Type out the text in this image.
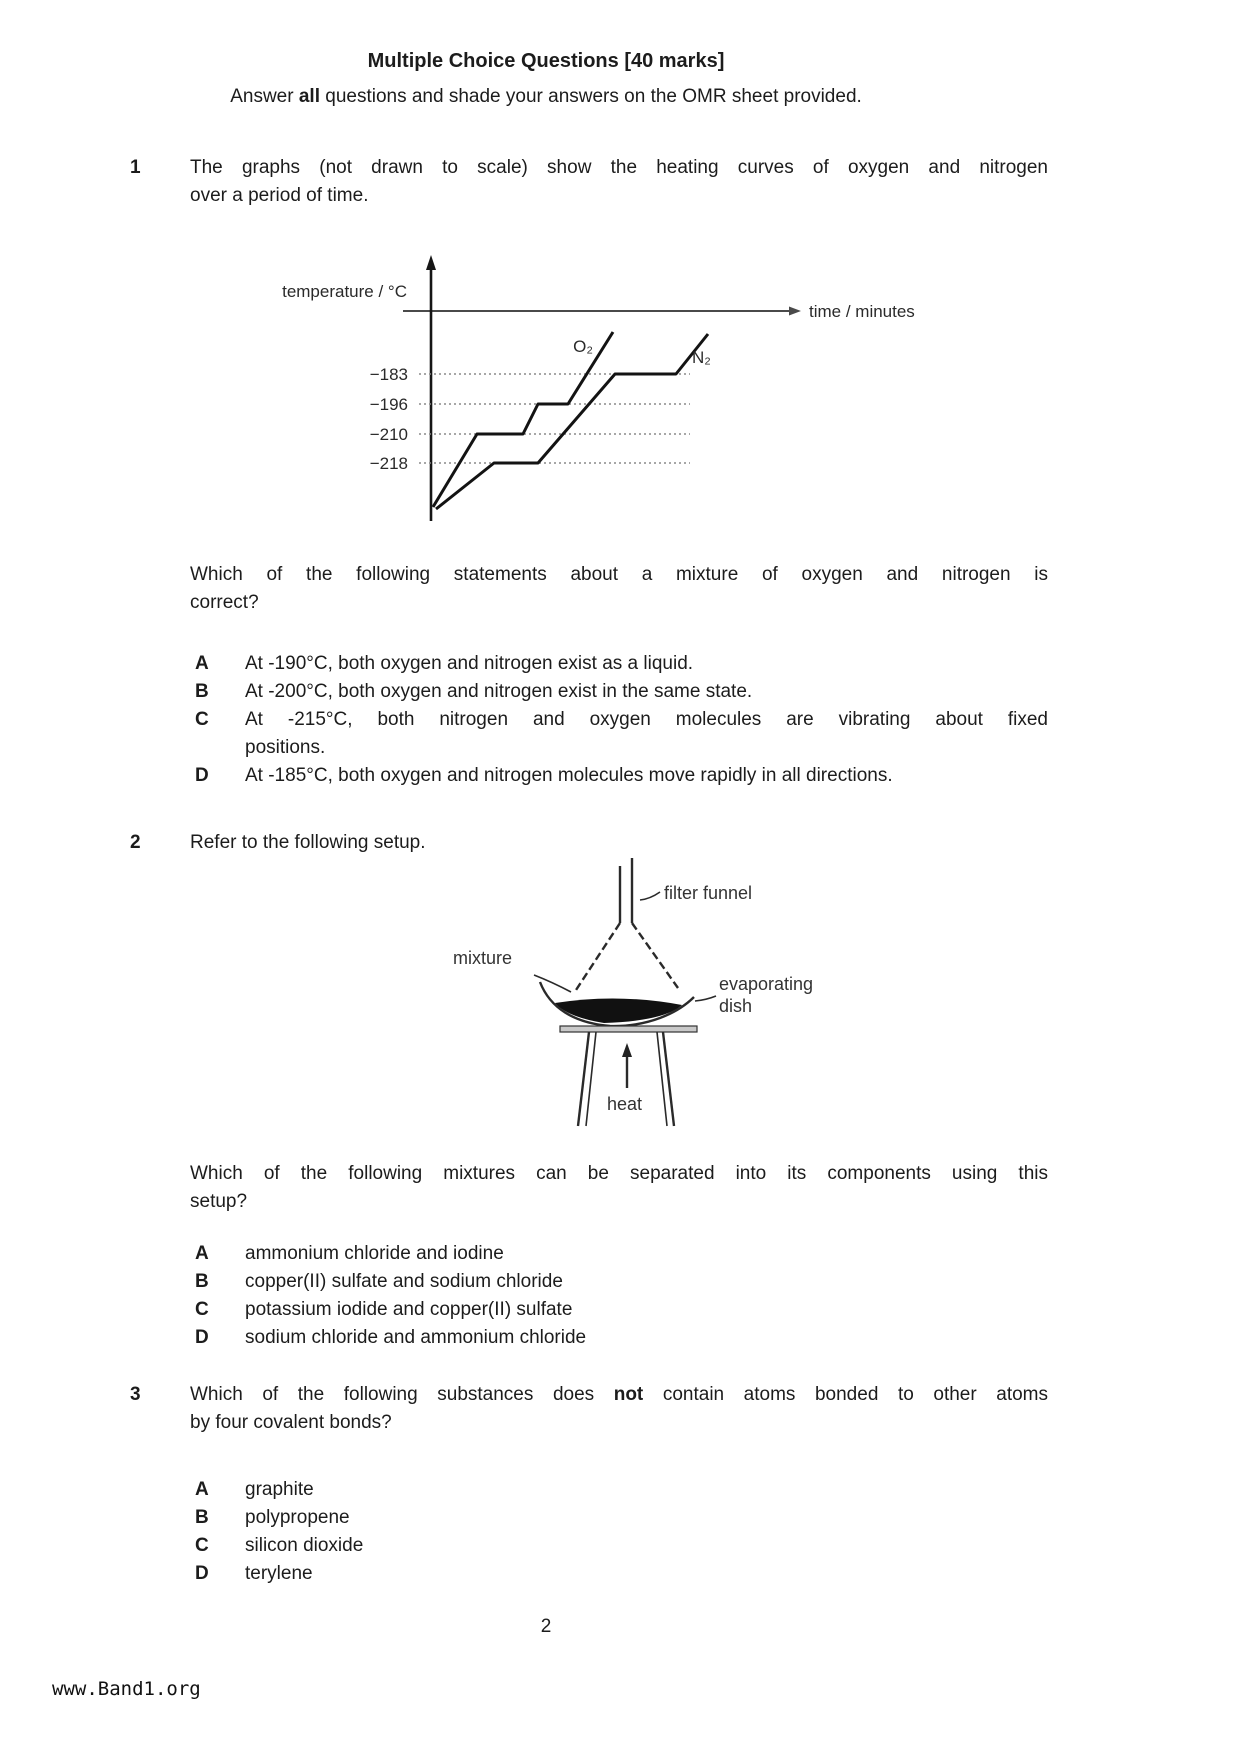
Multiple Choice Questions [40 marks]
Answer all questions and shade your answers on the OMR sheet provided.
1	The graphs (not drawn to scale) show the heating curves of oxygen and nitrogen
over a period of time.
temperature / °C
time / minutes
−183
−196
−210
−218
O₂
N₂
Which of the following statements about a mixture of oxygen and nitrogen is
correct?
A	At -190°C, both oxygen and nitrogen exist as a liquid.
B	At -200°C, both oxygen and nitrogen exist in the same state.
C	At -215°C, both nitrogen and oxygen molecules are vibrating about fixed
positions.
D	At -185°C, both oxygen and nitrogen molecules move rapidly in all directions.
2	Refer to the following setup.
filter funnel
mixture
evaporating
dish
heat
Which of the following mixtures can be separated into its components using this
setup?
A	ammonium chloride and iodine
B	copper(II) sulfate and sodium chloride
C	potassium iodide and copper(II) sulfate
D	sodium chloride and ammonium chloride
3	Which of the following substances does not contain atoms bonded to other atoms
by four covalent bonds?
A	graphite
B	polypropene
C	silicon dioxide
D	terylene
2
www.Band1.org
